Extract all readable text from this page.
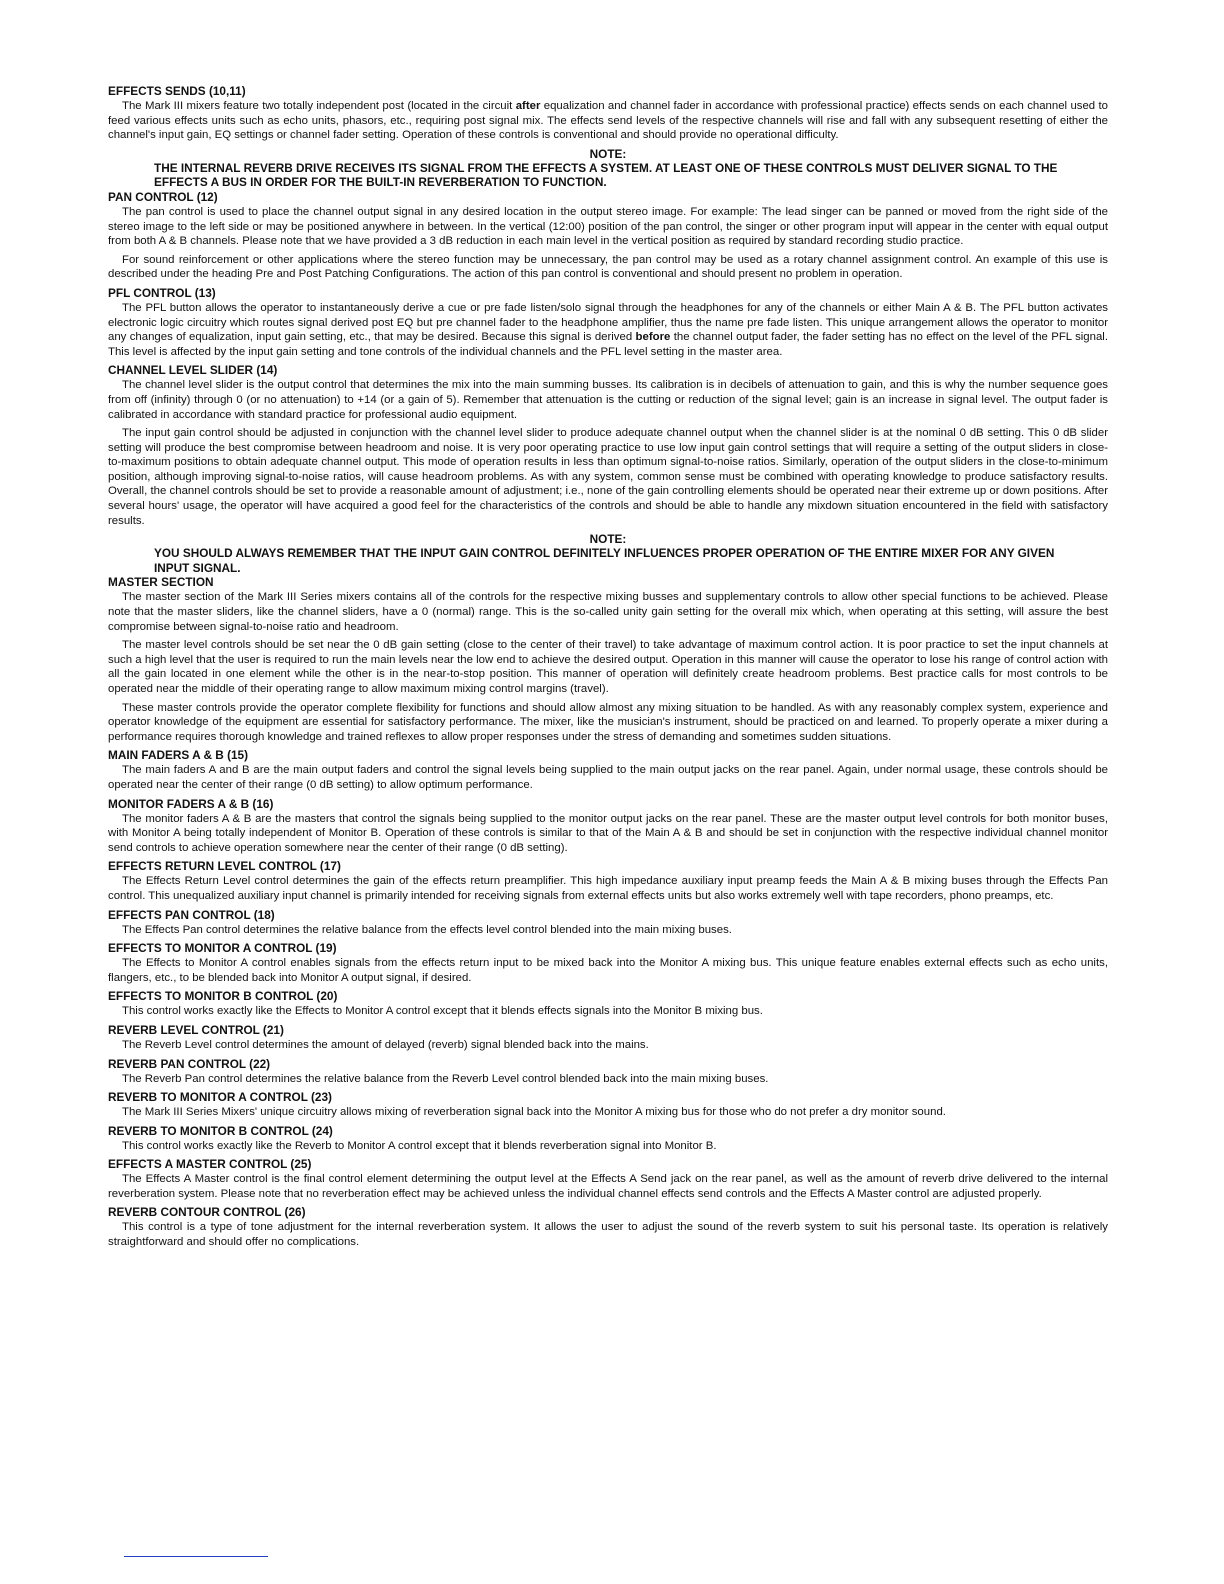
EFFECTS SENDS (10,11)

The Mark III mixers feature two totally independent post (located in the circuit after equalization and channel fader in accordance with professional practice) effects sends on each channel used to feed various effects units such as echo units, phasors, etc., requiring post signal mix. The effects send levels of the respective channels will rise and fall with any subsequent resetting of either the channel's input gain, EQ settings or channel fader setting. Operation of these controls is conventional and should provide no operational difficulty.

NOTE:

THE INTERNAL REVERB DRIVE RECEIVES ITS SIGNAL FROM THE EFFECTS A SYSTEM. AT LEAST ONE OF THESE CONTROLS MUST DELIVER SIGNAL TO THE EFFECTS A BUS IN ORDER FOR THE BUILT-IN REVERBERATION TO FUNCTION.

PAN CONTROL (12)

The pan control is used to place the channel output signal in any desired location in the output stereo image. For example: The lead singer can be panned or moved from the right side of the stereo image to the left side or may be positioned anywhere in between. In the vertical (12:00) position of the pan control, the singer or other program input will appear in the center with equal output from both A & B channels. Please note that we have provided a 3 dB reduction in each main level in the vertical position as required by standard recording studio practice.

For sound reinforcement or other applications where the stereo function may be unnecessary, the pan control may be used as a rotary channel assignment control. An example of this use is described under the heading Pre and Post Patching Configurations. The action of this pan control is conventional and should present no problem in operation.

PFL CONTROL (13)

The PFL button allows the operator to instantaneously derive a cue or pre fade listen/solo signal through the headphones for any of the channels or either Main A & B. The PFL button activates electronic logic circuitry which routes signal derived post EQ but pre channel fader to the headphone amplifier, thus the name pre fade listen. This unique arrangement allows the operator to monitor any changes of equalization, input gain setting, etc., that may be desired. Because this signal is derived before the channel output fader, the fader setting has no effect on the level of the PFL signal. This level is affected by the input gain setting and tone controls of the individual channels and the PFL level setting in the master area.

CHANNEL LEVEL SLIDER (14)

The channel level slider is the output control that determines the mix into the main summing busses. Its calibration is in decibels of attenuation to gain, and this is why the number sequence goes from off (infinity) through 0 (or no attenuation) to +14 (or a gain of 5). Remember that attenuation is the cutting or reduction of the signal level; gain is an increase in signal level. The output fader is calibrated in accordance with standard practice for professional audio equipment.

The input gain control should be adjusted in conjunction with the channel level slider to produce adequate channel output when the channel slider is at the nominal 0 dB setting. This 0 dB slider setting will produce the best compromise between headroom and noise. It is very poor operating practice to use low input gain control settings that will require a setting of the output sliders in close-to-maximum positions to obtain adequate channel output. This mode of operation results in less than optimum signal-to-noise ratios. Similarly, operation of the output sliders in the close-to-minimum position, although improving signal-to-noise ratios, will cause headroom problems. As with any system, common sense must be combined with operating knowledge to produce satisfactory results. Overall, the channel controls should be set to provide a reasonable amount of adjustment; i.e., none of the gain controlling elements should be operated near their extreme up or down positions. After several hours' usage, the operator will have acquired a good feel for the characteristics of the controls and should be able to handle any mixdown situation encountered in the field with satisfactory results.

NOTE:

YOU SHOULD ALWAYS REMEMBER THAT THE INPUT GAIN CONTROL DEFINITELY INFLUENCES PROPER OPERATION OF THE ENTIRE MIXER FOR ANY GIVEN INPUT SIGNAL.

MASTER SECTION

The master section of the Mark III Series mixers contains all of the controls for the respective mixing busses and supplementary controls to allow other special functions to be achieved. Please note that the master sliders, like the channel sliders, have a 0 (normal) range. This is the so-called unity gain setting for the overall mix which, when operating at this setting, will assure the best compromise between signal-to-noise ratio and headroom.

The master level controls should be set near the 0 dB gain setting (close to the center of their travel) to take advantage of maximum control action. It is poor practice to set the input channels at such a high level that the user is required to run the main levels near the low end to achieve the desired output. Operation in this manner will cause the operator to lose his range of control action with all the gain located in one element while the other is in the near-to-stop position. This manner of operation will definitely create headroom problems. Best practice calls for most controls to be operated near the middle of their operating range to allow maximum mixing control margins (travel).

These master controls provide the operator complete flexibility for functions and should allow almost any mixing situation to be handled. As with any reasonably complex system, experience and operator knowledge of the equipment are essential for satisfactory performance. The mixer, like the musician's instrument, should be practiced on and learned. To properly operate a mixer during a performance requires thorough knowledge and trained reflexes to allow proper responses under the stress of demanding and sometimes sudden situations.

MAIN FADERS A & B (15)

The main faders A and B are the main output faders and control the signal levels being supplied to the main output jacks on the rear panel. Again, under normal usage, these controls should be operated near the center of their range (0 dB setting) to allow optimum performance.

MONITOR FADERS A & B (16)

The monitor faders A & B are the masters that control the signals being supplied to the monitor output jacks on the rear panel. These are the master output level controls for both monitor buses, with Monitor A being totally independent of Monitor B. Operation of these controls is similar to that of the Main A & B and should be set in conjunction with the respective individual channel monitor send controls to achieve operation somewhere near the center of their range (0 dB setting).

EFFECTS RETURN LEVEL CONTROL (17)

The Effects Return Level control determines the gain of the effects return preamplifier. This high impedance auxiliary input preamp feeds the Main A & B mixing buses through the Effects Pan control. This unequalized auxiliary input channel is primarily intended for receiving signals from external effects units but also works extremely well with tape recorders, phono preamps, etc.

EFFECTS PAN CONTROL (18)

The Effects Pan control determines the relative balance from the effects level control blended into the main mixing buses.

EFFECTS TO MONITOR A CONTROL (19)

The Effects to Monitor A control enables signals from the effects return input to be mixed back into the Monitor A mixing bus. This unique feature enables external effects such as echo units, flangers, etc., to be blended back into Monitor A output signal, if desired.

EFFECTS TO MONITOR B CONTROL (20)

This control works exactly like the Effects to Monitor A control except that it blends effects signals into the Monitor B mixing bus.

REVERB LEVEL CONTROL (21)

The Reverb Level control determines the amount of delayed (reverb) signal blended back into the mains.

REVERB PAN CONTROL (22)

The Reverb Pan control determines the relative balance from the Reverb Level control blended back into the main mixing buses.

REVERB TO MONITOR A CONTROL (23)

The Mark III Series Mixers' unique circuitry allows mixing of reverberation signal back into the Monitor A mixing bus for those who do not prefer a dry monitor sound.

REVERB TO MONITOR B CONTROL (24)

This control works exactly like the Reverb to Monitor A control except that it blends reverberation signal into Monitor B.

EFFECTS A MASTER CONTROL (25)

The Effects A Master control is the final control element determining the output level at the Effects A Send jack on the rear panel, as well as the amount of reverb drive delivered to the internal reverberation system. Please note that no reverberation effect may be achieved unless the individual channel effects send controls and the Effects A Master control are adjusted properly.

REVERB CONTOUR CONTROL (26)

This control is a type of tone adjustment for the internal reverberation system. It allows the user to adjust the sound of the reverb system to suit his personal taste. Its operation is relatively straightforward and should offer no complications.
